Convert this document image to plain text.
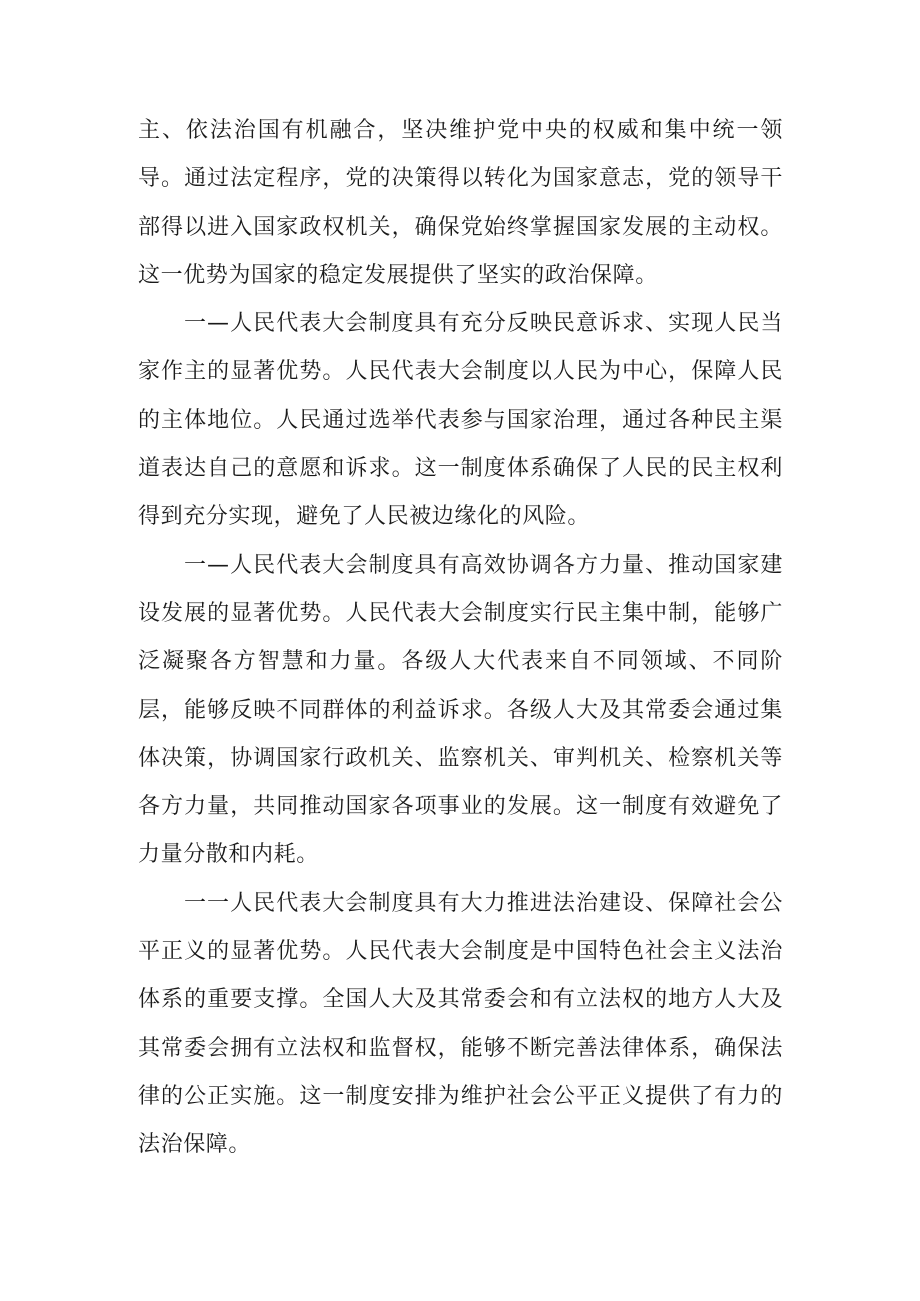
主、依法治国有机融合，坚决维护党中央的权威和集中统一领导。通过法定程序，党的决策得以转化为国家意志，党的领导干部得以进入国家政权机关，确保党始终掌握国家发展的主动权。这一优势为国家的稳定发展提供了坚实的政治保障。

一—人民代表大会制度具有充分反映民意诉求、实现人民当家作主的显著优势。人民代表大会制度以人民为中心，保障人民的主体地位。人民通过选举代表参与国家治理，通过各种民主渠道表达自己的意愿和诉求。这一制度体系确保了人民的民主权利得到充分实现，避免了人民被边缘化的风险。

一—人民代表大会制度具有高效协调各方力量、推动国家建设发展的显著优势。人民代表大会制度实行民主集中制，能够广泛凝聚各方智慧和力量。各级人大代表来自不同领域、不同阶层，能够反映不同群体的利益诉求。各级人大及其常委会通过集体决策，协调国家行政机关、监察机关、审判机关、检察机关等各方力量，共同推动国家各项事业的发展。这一制度有效避免了力量分散和内耗。

一一人民代表大会制度具有大力推进法治建设、保障社会公平正义的显著优势。人民代表大会制度是中国特色社会主义法治体系的重要支撑。全国人大及其常委会和有立法权的地方人大及其常委会拥有立法权和监督权，能够不断完善法律体系，确保法律的公正实施。这一制度安排为维护社会公平正义提供了有力的法治保障。
